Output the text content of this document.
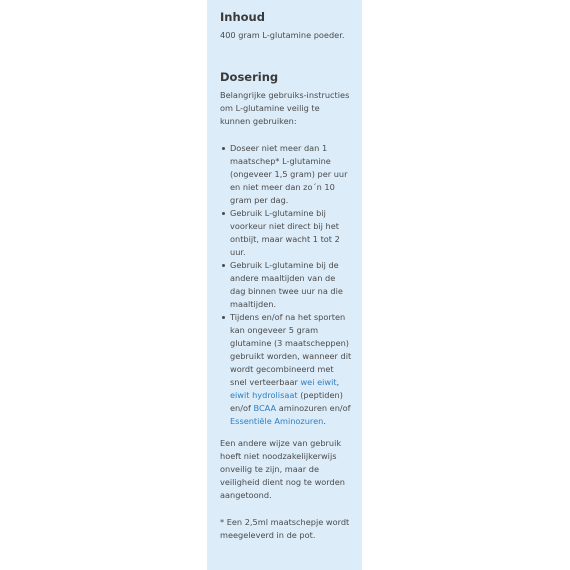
Inhoud

400 gram L-glutamine poeder.

Dosering

Belangrijke gebruiks-instructies om L-glutamine veilig te kunnen gebruiken:

Doseer niet meer dan 1 maatschep* L-glutamine (ongeveer 1,5 gram) per uur en niet meer dan zo´n 10 gram per dag.
Gebruik L-glutamine bij voorkeur niet direct bij het ontbijt, maar wacht 1 tot 2 uur.
Gebruik L-glutamine bij de andere maaltijden van de dag binnen twee uur na die maaltijden.
Tijdens en/of na het sporten kan ongeveer 5 gram glutamine (3 maatscheppen) gebruikt worden, wanneer dit wordt gecombineerd met snel verteerbaar wei eiwit, eiwit hydrolisaat (peptiden) en/of BCAA aminozuren en/of Essentiële Aminozuren.

Een andere wijze van gebruik hoeft niet noodzakelijkerwijs onveilig te zijn, maar de veiligheid dient nog te worden aangetoond.

* Een 2,5ml maatschepje wordt meegeleverd in de pot.
